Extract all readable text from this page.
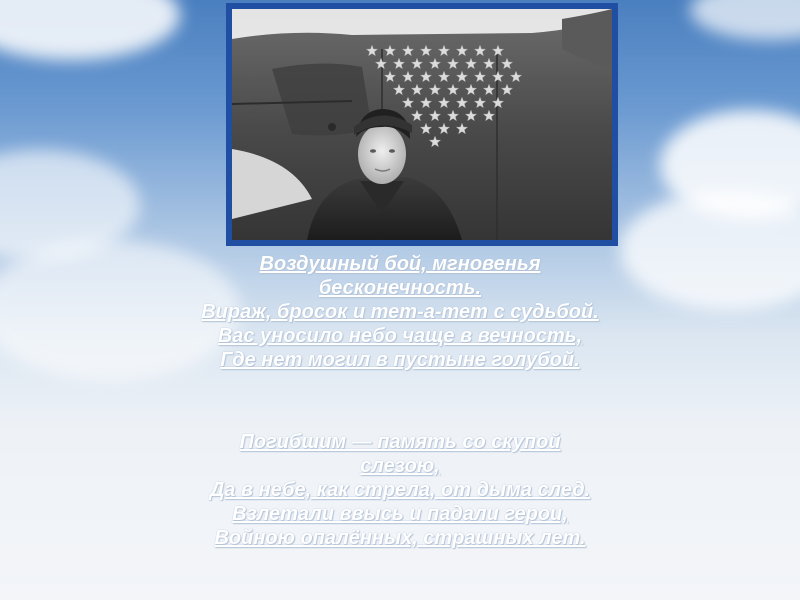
Воздушный бой, мгновенья
бесконечность.
Вираж, бросок и тет-а-тет с судьбой.
Вас уносило небо чаще в вечность,
Где нет могил в пустыне голубой.
Погибшим — память со скупой
слезою,
Да в небе, как стрела, от дыма след.
Взлетали ввысь и падали герои,
Войною опалённых, страшных лет.
